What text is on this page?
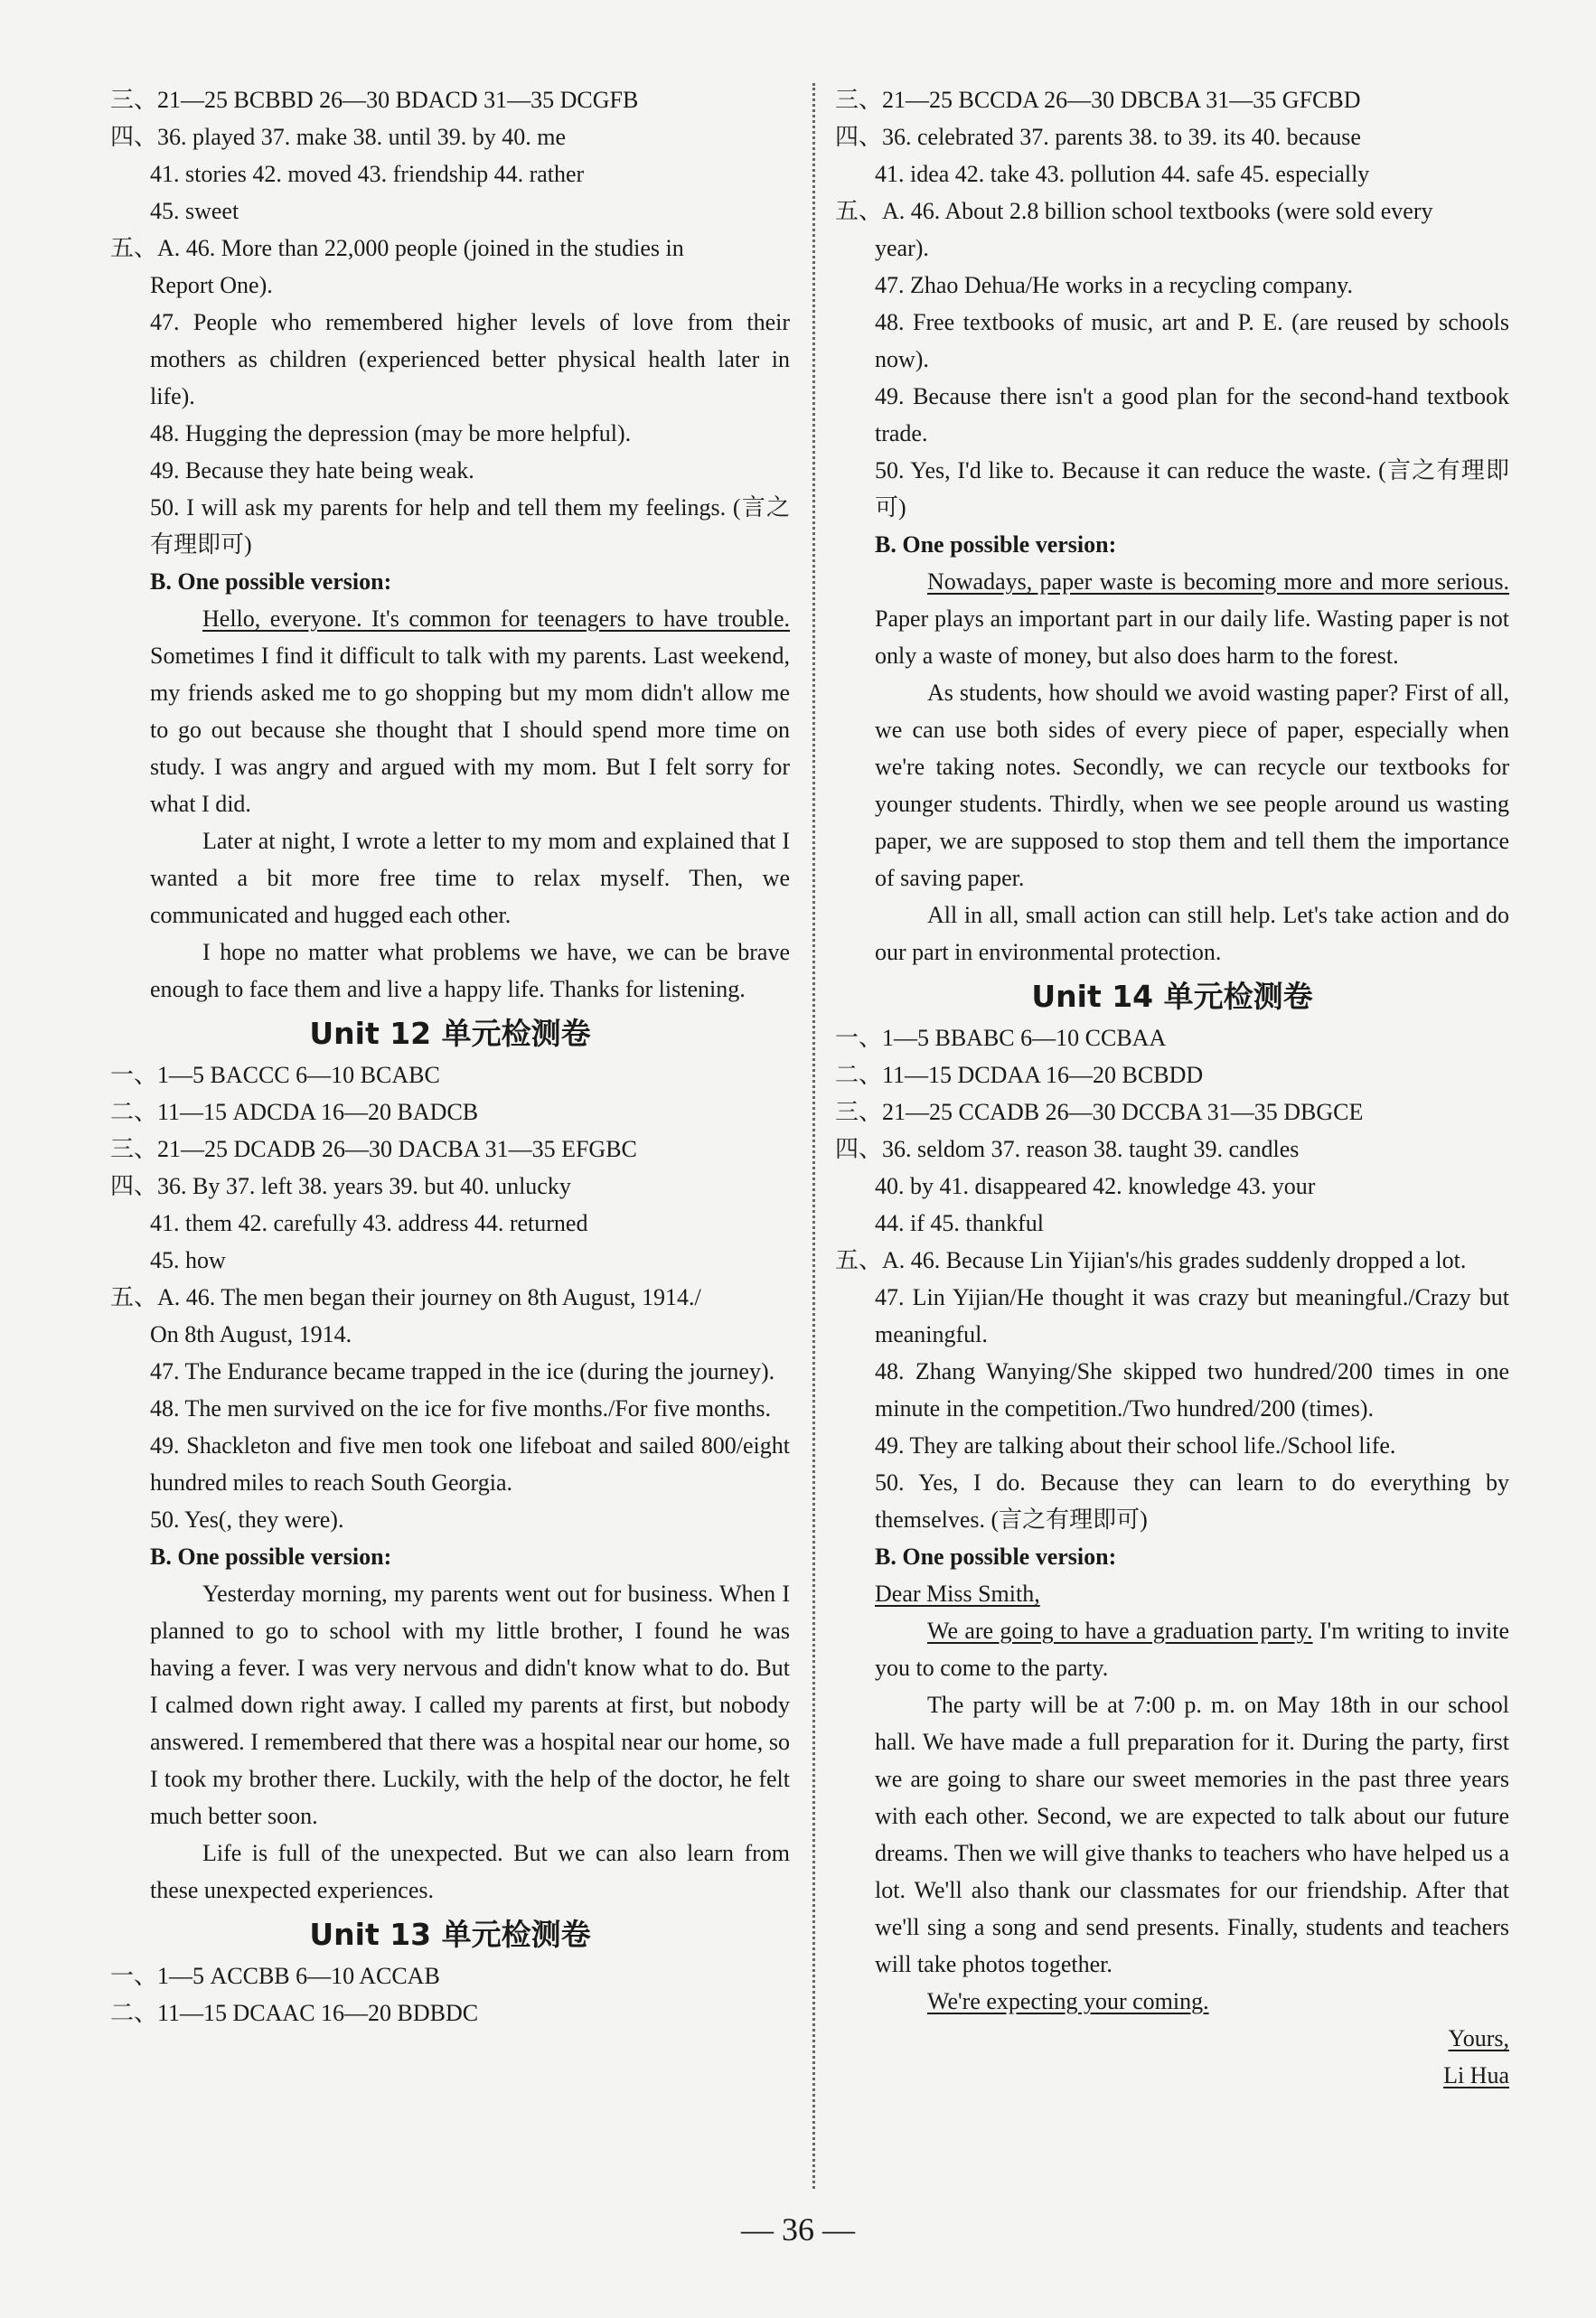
三、21—25 BCBBD 26—30 BDACD 31—35 DCGFB
四、36. played 37. make 38. until 39. by 40. me
41. stories 42. moved 43. friendship 44. rather
45. sweet
五、A. 46. More than 22,000 people (joined in the studies in
Report One).
47. People who remembered higher levels of love from their mothers as children (experienced better physical health later in life).
48. Hugging the depression (may be more helpful).
49. Because they hate being weak.
50. I will ask my parents for help and tell them my feelings. (言之有理即可)
B. One possible version:
Hello, everyone. It's common for teenagers to have trouble. Sometimes I find it difficult to talk with my parents. Last weekend, my friends asked me to go shopping but my mom didn't allow me to go out because she thought that I should spend more time on study. I was angry and argued with my mom. But I felt sorry for what I did.
Later at night, I wrote a letter to my mom and explained that I wanted a bit more free time to relax myself. Then, we communicated and hugged each other.
I hope no matter what problems we have, we can be brave enough to face them and live a happy life. Thanks for listening.
Unit 12 单元检测卷
一、1—5 BACCC 6—10 BCABC
二、11—15 ADCDA 16—20 BADCB
三、21—25 DCADB 26—30 DACBA 31—35 EFGBC
四、36. By 37. left 38. years 39. but 40. unlucky
41. them 42. carefully 43. address 44. returned
45. how
五、A. 46. The men began their journey on 8th August, 1914./
On 8th August, 1914.
47. The Endurance became trapped in the ice (during the journey).
48. The men survived on the ice for five months./For five months.
49. Shackleton and five men took one lifeboat and sailed 800/eight hundred miles to reach South Georgia.
50. Yes(, they were).
B. One possible version:
Yesterday morning, my parents went out for business. When I planned to go to school with my little brother, I found he was having a fever. I was very nervous and didn't know what to do. But I calmed down right away. I called my parents at first, but nobody answered. I remembered that there was a hospital near our home, so I took my brother there. Luckily, with the help of the doctor, he felt much better soon.
Life is full of the unexpected. But we can also learn from these unexpected experiences.
Unit 13 单元检测卷
一、1—5 ACCBB 6—10 ACCAB
二、11—15 DCAAC 16—20 BDBDC
三、21—25 BCCDA 26—30 DBCBA 31—35 GFCBD
四、36. celebrated 37. parents 38. to 39. its 40. because
41. idea 42. take 43. pollution 44. safe 45. especially
五、A. 46. About 2.8 billion school textbooks (were sold every
year).
47. Zhao Dehua/He works in a recycling company.
48. Free textbooks of music, art and P. E. (are reused by schools now).
49. Because there isn't a good plan for the second-hand textbook trade.
50. Yes, I'd like to. Because it can reduce the waste. (言之有理即可)
B. One possible version:
Nowadays, paper waste is becoming more and more serious. Paper plays an important part in our daily life. Wasting paper is not only a waste of money, but also does harm to the forest.
As students, how should we avoid wasting paper? First of all, we can use both sides of every piece of paper, especially when we're taking notes. Secondly, we can recycle our textbooks for younger students. Thirdly, when we see people around us wasting paper, we are supposed to stop them and tell them the importance of saving paper.
All in all, small action can still help. Let's take action and do our part in environmental protection.
Unit 14 单元检测卷
一、1—5 BBABC 6—10 CCBAA
二、11—15 DCDAA 16—20 BCBDD
三、21—25 CCADB 26—30 DCCBA 31—35 DBGCE
四、36. seldom 37. reason 38. taught 39. candles
40. by 41. disappeared 42. knowledge 43. your
44. if 45. thankful
五、A. 46. Because Lin Yijian's/his grades suddenly dropped a lot.
47. Lin Yijian/He thought it was crazy but meaningful./Crazy but meaningful.
48. Zhang Wanying/She skipped two hundred/200 times in one minute in the competition./Two hundred/200 (times).
49. They are talking about their school life./School life.
50. Yes, I do. Because they can learn to do everything by themselves. (言之有理即可)
B. One possible version:
Dear Miss Smith,
We are going to have a graduation party. I'm writing to invite you to come to the party.
The party will be at 7:00 p. m. on May 18th in our school hall. We have made a full preparation for it. During the party, first we are going to share our sweet memories in the past three years with each other. Second, we are expected to talk about our future dreams. Then we will give thanks to teachers who have helped us a lot. We'll also thank our classmates for our friendship. After that we'll sing a song and send presents. Finally, students and teachers will take photos together.
We're expecting your coming.
Yours,
Li Hua
— 36 —
